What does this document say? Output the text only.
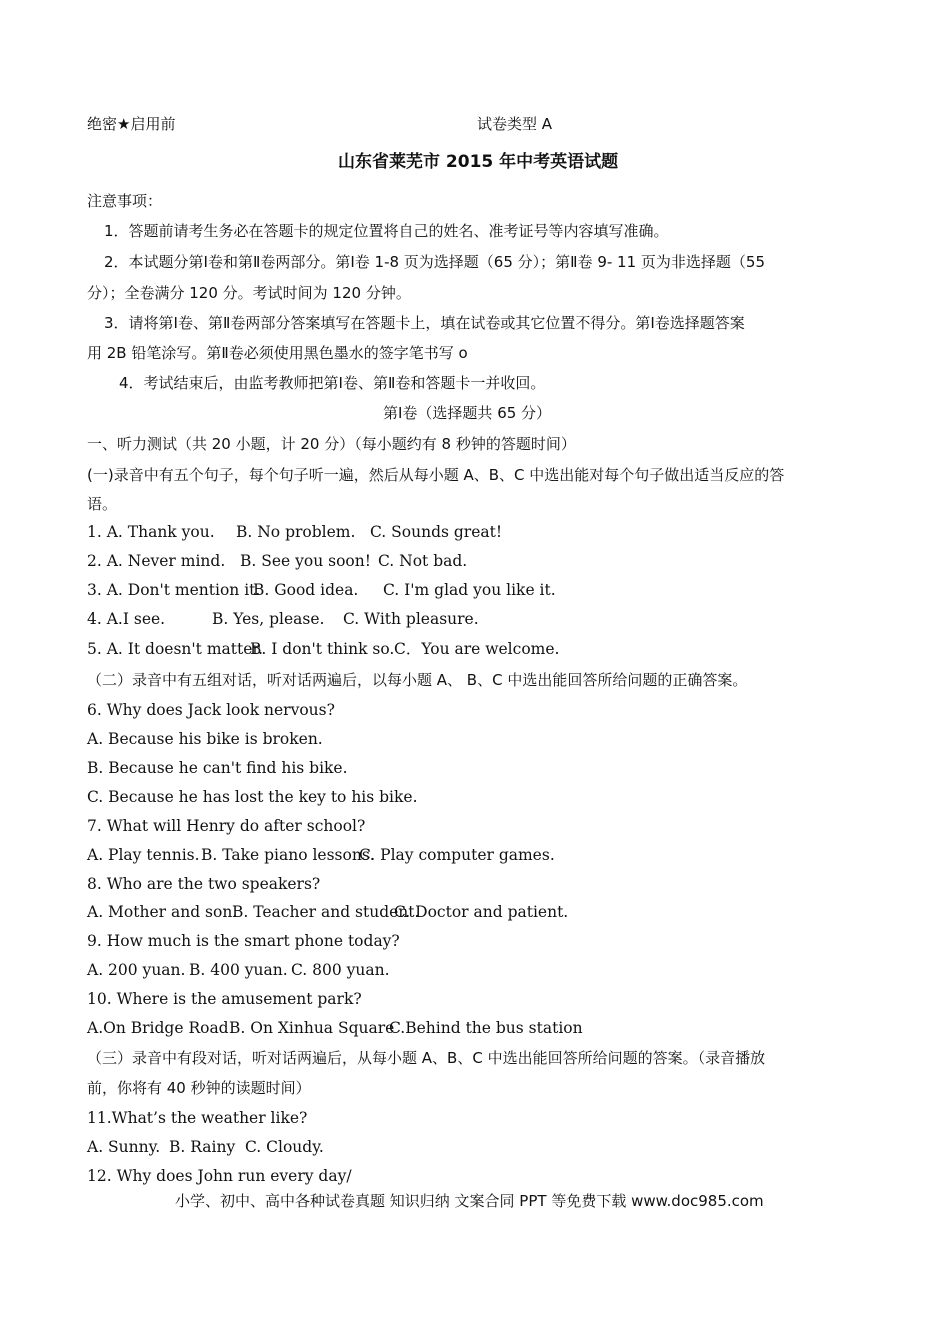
绝密★启用前	试卷类型 A
山东省莱芜市 2015 年中考英语试题
注意事项：
1．答题前请考生务必在答题卡的规定位置将自己的姓名、准考证号等内容填写准确。
2．本试题分第Ⅰ卷和第Ⅱ卷两部分。第Ⅰ卷 1-8 页为选择题（65 分）；第Ⅱ卷 9- 11 页为非选择题（55
分）；全卷满分 120 分。考试时间为 120 分钟。
3．请将第Ⅰ卷、第Ⅱ卷两部分答案填写在答题卡上，填在试卷或其它位置不得分。第Ⅰ卷选择题答案
用 2B 铅笔涂写。第Ⅱ卷必须使用黑色墨水的签字笔书写 o
4．考试结束后，由监考教师把第Ⅰ卷、第Ⅱ卷和答题卡一并收回。
第Ⅰ卷（选择题共 65 分）
一、听力测试（共 20 小题，计 20 分）（每小题约有 8 秒钟的答题时间）
(一)录音中有五个句子，每个句子听一遍，然后从每小题 A、B、C 中选出能对每个句子做出适当反应的答
语。
1. A. Thank you. B. No problem. C. Sounds great!
2. A. Never mind. B. See you soon! C. Not bad.
3. A. Don't mention it.
B. Good idea. C. I'm glad you like it.
4. A.I see.	B. Yes, please. C. With pleasure.
5. A. It doesn't matter.
B. I don't think so. C．You are welcome.
（二）录音中有五组对话，听对话两遍后，以每小题 A、 B、C 中选出能回答所给问题的正确答案。
6. Why does Jack look nervous?
A. Because his bike is broken.
B. Because he can't find his bike.
C. Because he has lost the key to his bike.
7. What will Henry do after school?
A. Play tennis. B. Take piano lessons.
C. Play computer games.
8. Who are the two speakers?
A. Mother and son.
B. Teacher and student.
C. Doctor and patient.
9. How much is the smart phone today?
A. 200 yuan. B. 400 yuan. C. 800 yuan.
10. Where is the amusement park?
A.On Bridge Road B. On Xinhua Square
C.Behind the bus station
（三）录音中有段对话，听对话两遍后，从每小题 A、B、C 中选出能回答所给问题的答案。（录音播放
前，你将有 40 秒钟的读题时间）
11.What’s the weather like?
A. Sunny. B. Rainy C. Cloudy.
12. Why does John run every day/
小学、初中、高中各种试卷真题 知识归纳 文案合同 PPT 等免费下载 www.doc985.com
